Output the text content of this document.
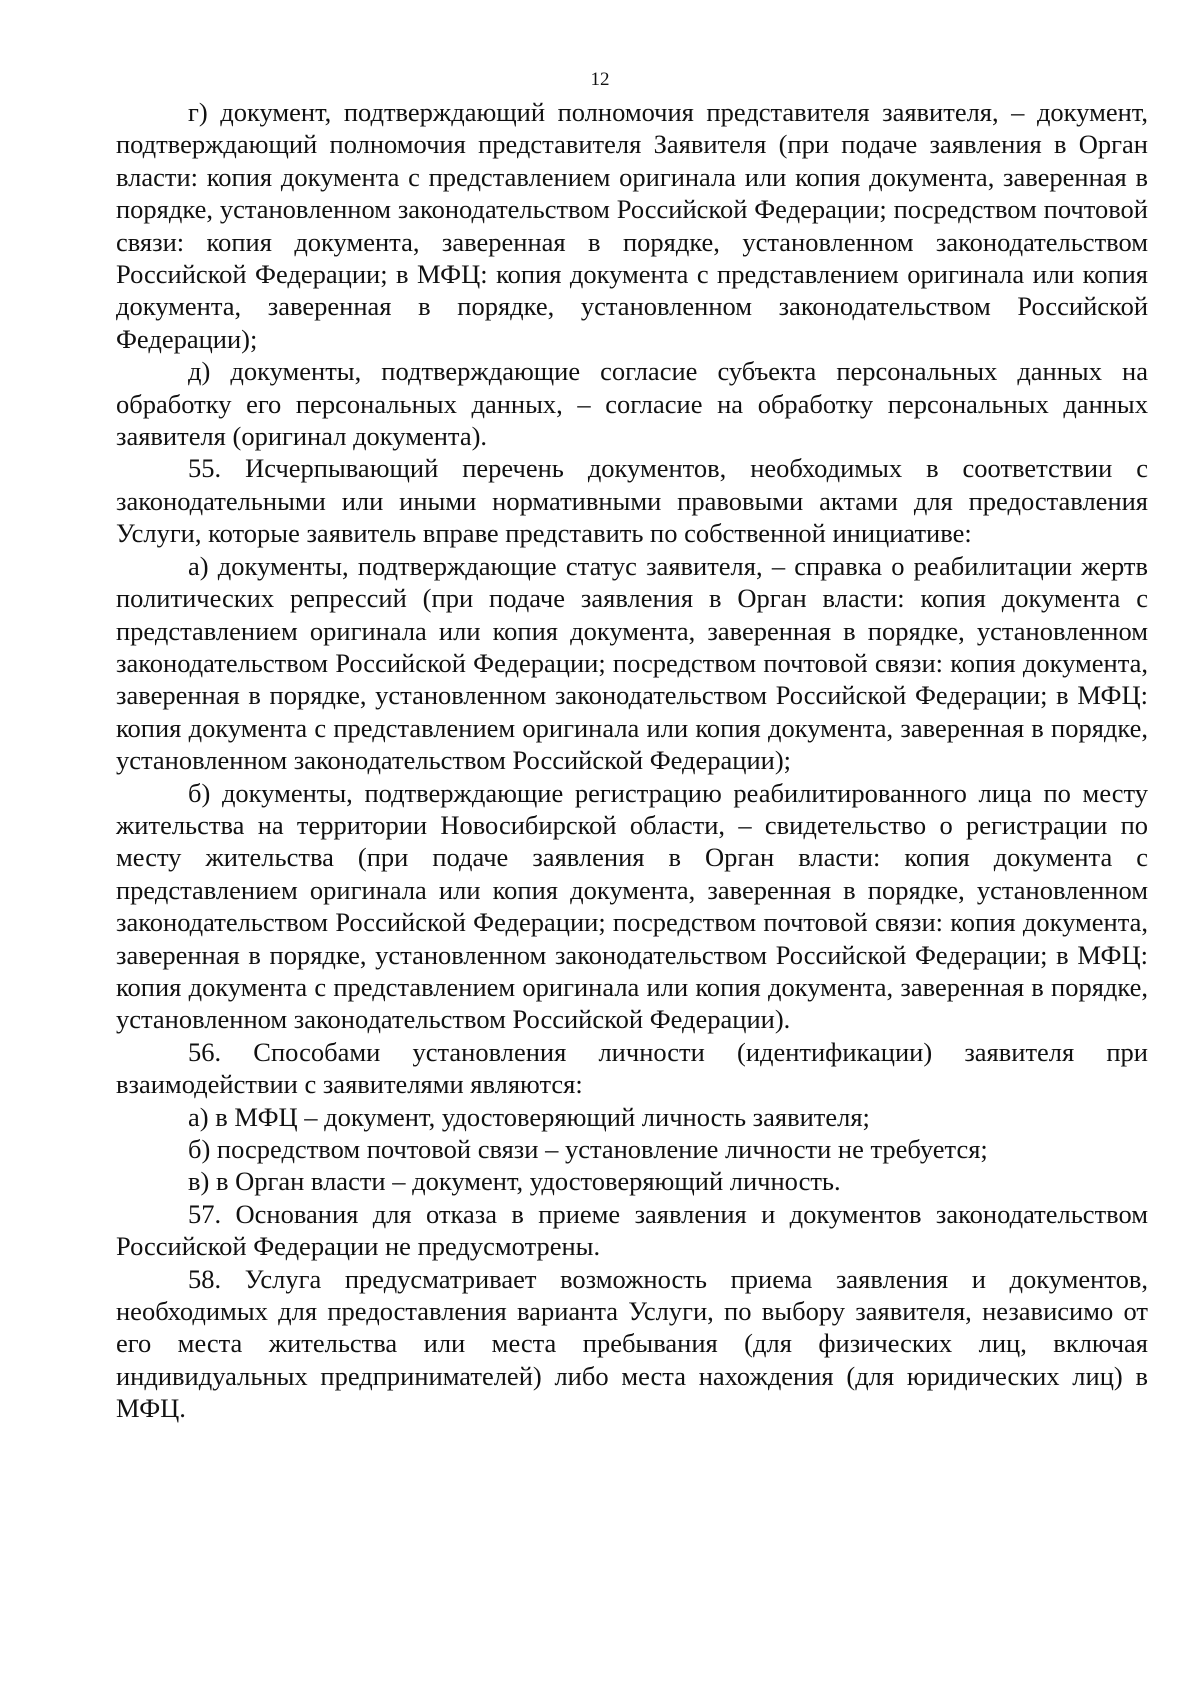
12

г) документ, подтверждающий полномочия представителя заявителя, – документ, подтверждающий полномочия представителя Заявителя (при подаче заявления в Орган власти: копия документа с представлением оригинала или копия документа, заверенная в порядке, установленном законодательством Российской Федерации; посредством почтовой связи: копия документа, заверенная в порядке, установленном законодательством Российской Федерации; в МФЦ: копия документа с представлением оригинала или копия документа, заверенная в порядке, установленном законодательством Российской Федерации);

д) документы, подтверждающие согласие субъекта персональных данных на обработку его персональных данных, – согласие на обработку персональных данных заявителя (оригинал документа).

55. Исчерпывающий перечень документов, необходимых в соответствии с законодательными или иными нормативными правовыми актами для предоставления Услуги, которые заявитель вправе представить по собственной инициативе:

а) документы, подтверждающие статус заявителя, – справка о реабилитации жертв политических репрессий (при подаче заявления в Орган власти: копия документа с представлением оригинала или копия документа, заверенная в порядке, установленном законодательством Российской Федерации; посредством почтовой связи: копия документа, заверенная в порядке, установленном законодательством Российской Федерации; в МФЦ: копия документа с представлением оригинала или копия документа, заверенная в порядке, установленном законодательством Российской Федерации);

б) документы, подтверждающие регистрацию реабилитированного лица по месту жительства на территории Новосибирской области, – свидетельство о регистрации по месту жительства (при подаче заявления в Орган власти: копия документа с представлением оригинала или копия документа, заверенная в порядке, установленном законодательством Российской Федерации; посредством почтовой связи: копия документа, заверенная в порядке, установленном законодательством Российской Федерации; в МФЦ: копия документа с представлением оригинала или копия документа, заверенная в порядке, установленном законодательством Российской Федерации).

56. Способами установления личности (идентификации) заявителя при взаимодействии с заявителями являются:

а) в МФЦ – документ, удостоверяющий личность заявителя;

б) посредством почтовой связи – установление личности не требуется;

в) в Орган власти – документ, удостоверяющий личность.

57. Основания для отказа в приеме заявления и документов законодательством Российской Федерации не предусмотрены.

58. Услуга предусматривает возможность приема заявления и документов, необходимых для предоставления варианта Услуги, по выбору заявителя, независимо от его места жительства или места пребывания (для физических лиц, включая индивидуальных предпринимателей) либо места нахождения (для юридических лиц) в МФЦ.
